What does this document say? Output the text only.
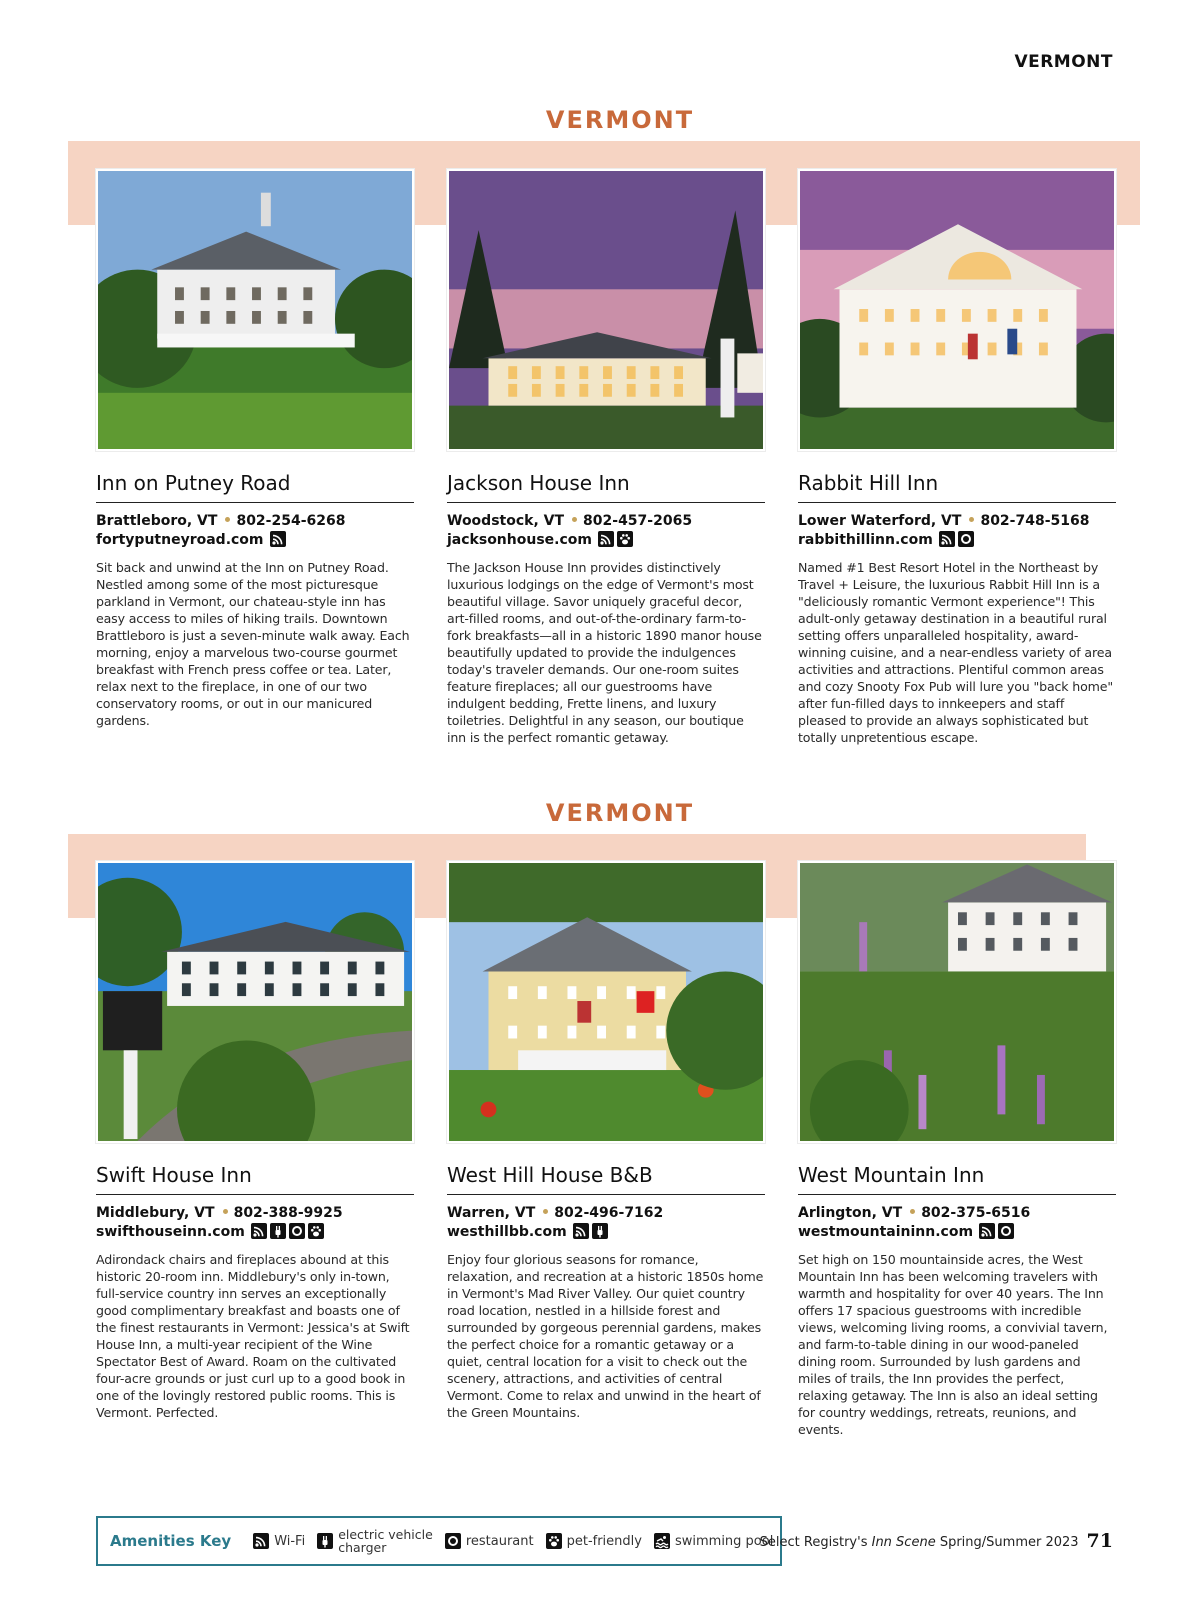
VERMONT
VERMONT
VERMONT
Inn on Putney Road
Brattleboro, VT 802-254-6268
fortyputneyroad.com
Sit back and unwind at the Inn on Putney Road. Nestled among some of the most picturesque parkland in Vermont, our chateau-style inn has easy access to miles of hiking trails. Downtown Brattleboro is just a seven-minute walk away. Each morning, enjoy a marvelous two-course gourmet breakfast with French press coffee or tea. Later, relax next to the fireplace, in one of our two conservatory rooms, or out in our manicured gardens.
Jackson House Inn
Woodstock, VT 802-457-2065
jacksonhouse.com
The Jackson House Inn provides distinctively luxurious lodgings on the edge of Vermont's most beautiful village. Savor uniquely graceful decor, art-filled rooms, and out-of-the-ordinary farm-to-fork breakfasts—all in a historic 1890 manor house beautifully updated to provide the indulgences today's traveler demands. Our one-room suites feature fireplaces; all our guestrooms have indulgent bedding, Frette linens, and luxury toiletries. Delightful in any season, our boutique inn is the perfect romantic getaway.
Rabbit Hill Inn
Lower Waterford, VT 802-748-5168
rabbithillinn.com
Named #1 Best Resort Hotel in the Northeast by Travel + Leisure, the luxurious Rabbit Hill Inn is a "deliciously romantic Vermont experience"! This adult-only getaway destination in a beautiful rural setting offers unparalleled hospitality, award-winning cuisine, and a near-endless variety of area activities and attractions. Plentiful common areas and cozy Snooty Fox Pub will lure you "back home" after fun-filled days to innkeepers and staff pleased to provide an always sophisticated but totally unpretentious escape.
Swift House Inn
Middlebury, VT 802-388-9925
swifthouseinn.com
Adirondack chairs and fireplaces abound at this historic 20-room inn. Middlebury's only in-town, full-service country inn serves an exceptionally good complimentary breakfast and boasts one of the finest restaurants in Vermont: Jessica's at Swift House Inn, a multi-year recipient of the Wine Spectator Best of Award. Roam on the cultivated four-acre grounds or just curl up to a good book in one of the lovingly restored public rooms. This is Vermont. Perfected.
West Hill House B&B
Warren, VT 802-496-7162
westhillbb.com
Enjoy four glorious seasons for romance, relaxation, and recreation at a historic 1850s home in Vermont's Mad River Valley. Our quiet country road location, nestled in a hillside forest and surrounded by gorgeous perennial gardens, makes the perfect choice for a romantic getaway or a quiet, central location for a visit to check out the scenery, attractions, and activities of central Vermont. Come to relax and unwind in the heart of the Green Mountains.
West Mountain Inn
Arlington, VT 802-375-6516
westmountaininn.com
Set high on 150 mountainside acres, the West Mountain Inn has been welcoming travelers with warmth and hospitality for over 40 years. The Inn offers 17 spacious guestrooms with incredible views, welcoming living rooms, a convivial tavern, and farm-to-table dining in our wood-paneled dining room. Surrounded by lush gardens and miles of trails, the Inn provides the perfect, relaxing getaway. The Inn is also an ideal setting for country weddings, retreats, reunions, and events.
Amenities Key	Wi-Fi	electric vehicle
charger	restaurant	pet-friendly	swimming pool
Select Registry's Inn Scene Spring/Summer 2023 71
